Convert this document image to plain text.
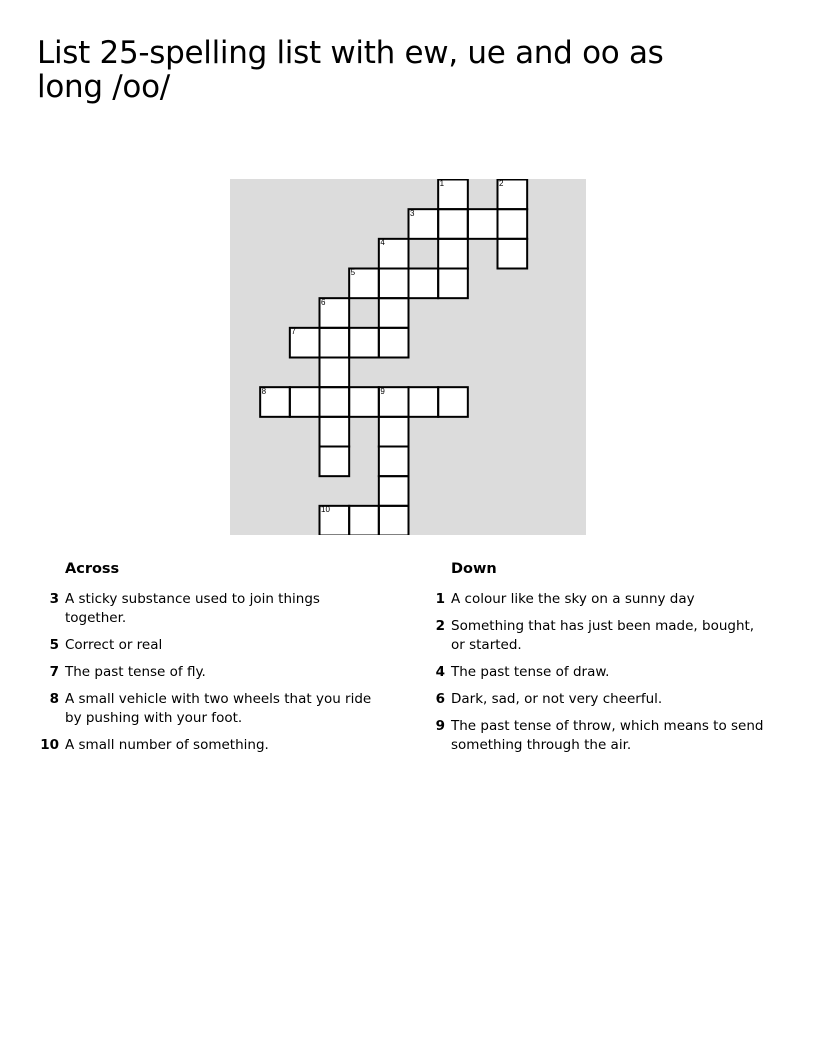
List 25-spelling list with ew, ue and oo as long /oo/
1	2
3
4
5
6
7
8	9
10
Across
3 A sticky substance used to join things together.
5 Correct or real
7 The past tense of fly.
8 A small vehicle with two wheels that you ride by pushing with your foot.
10 A small number of something.
Down
1 A colour like the sky on a sunny day
2 Something that has just been made, bought, or started.
4 The past tense of draw.
6 Dark, sad, or not very cheerful.
9 The past tense of throw, which means to send something through the air.
